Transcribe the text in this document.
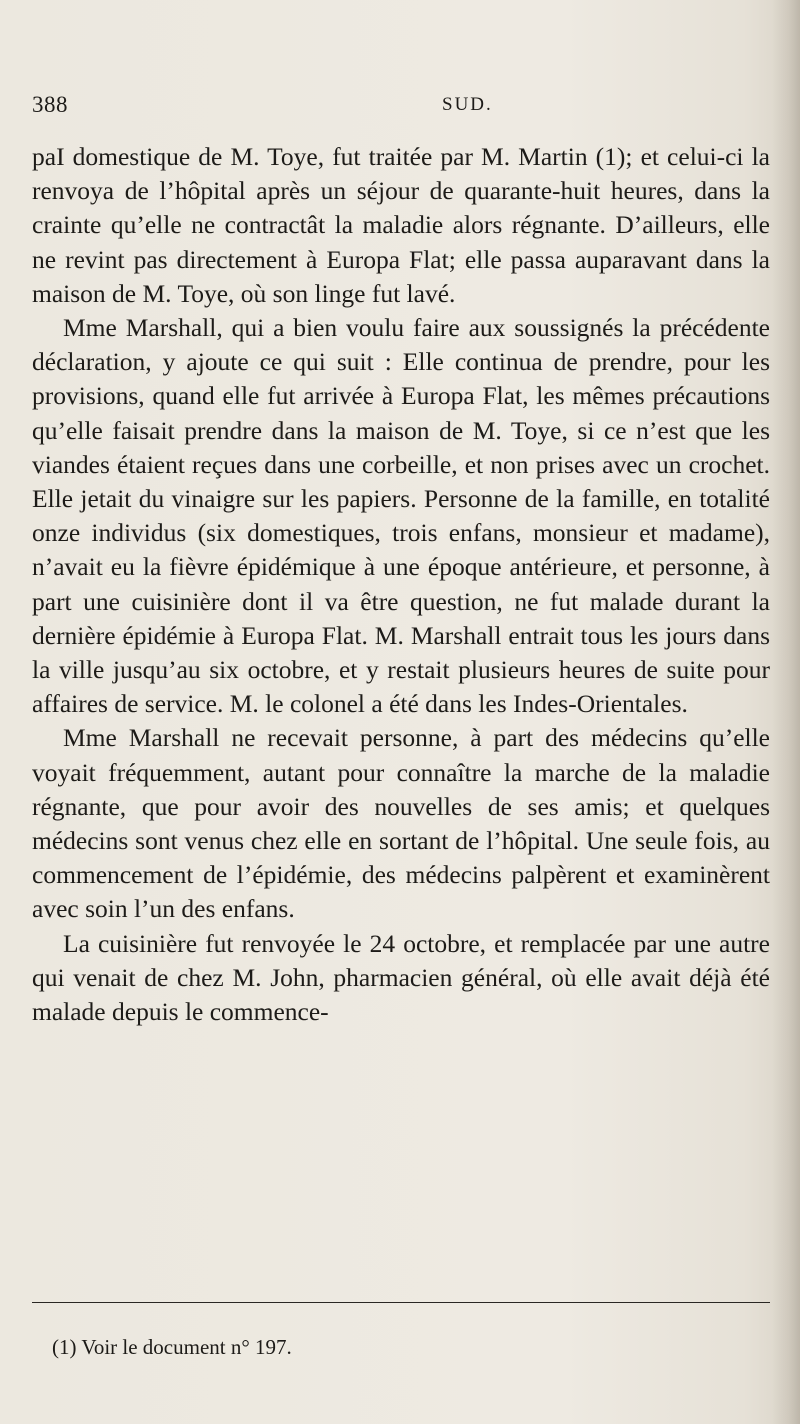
388	SUD.

paI domestique de M. Toye, fut traitée par M. Martin (1); et celui-ci la renvoya de l’hôpital après un séjour de quarante-huit heures, dans la crainte qu’elle ne contractât la maladie alors régnante. D’ailleurs, elle ne revint pas directement à Europa Flat; elle passa auparavant dans la maison de M. Toye, où son linge fut lavé.

Mme Marshall, qui a bien voulu faire aux soussignés la précédente déclaration, y ajoute ce qui suit : Elle continua de prendre, pour les provisions, quand elle fut arrivée à Europa Flat, les mêmes précautions qu’elle faisait prendre dans la maison de M. Toye, si ce n’est que les viandes étaient reçues dans une corbeille, et non prises avec un crochet. Elle jetait du vinaigre sur les papiers. Personne de la famille, en totalité onze individus (six domestiques, trois enfans, monsieur et madame), n’avait eu la fièvre épidémique à une époque antérieure, et personne, à part une cuisinière dont il va être question, ne fut malade durant la dernière épidémie à Europa Flat. M. Marshall entrait tous les jours dans la ville jusqu’au six octobre, et y restait plusieurs heures de suite pour affaires de service. M. le colonel a été dans les Indes-Orientales.

Mme Marshall ne recevait personne, à part des médecins qu’elle voyait fréquemment, autant pour connaître la marche de la maladie régnante, que pour avoir des nouvelles de ses amis; et quelques médecins sont venus chez elle en sortant de l’hôpital. Une seule fois, au commencement de l’épidémie, des médecins palpèrent et examinèrent avec soin l’un des enfans.

La cuisinière fut renvoyée le 24 octobre, et remplacée par une autre qui venait de chez M. John, pharmacien général, où elle avait déjà été malade depuis le commence-

(1) Voir le document n° 197.
